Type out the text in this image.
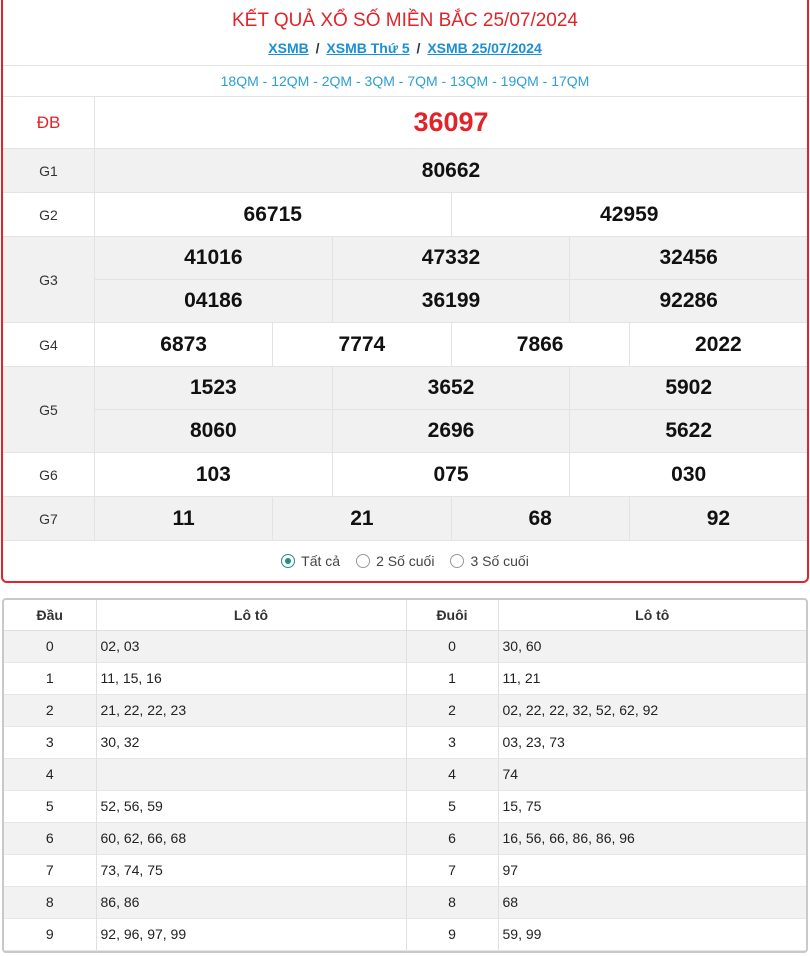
KẾT QUẢ XỔ SỐ MIỀN BẮC 25/07/2024
XSMB / XSMB Thứ 5 / XSMB 25/07/2024
18QM - 12QM - 2QM - 3QM - 7QM - 13QM - 19QM - 17QM
ĐB	36097
G1	80662
G2	66715	42959
G3
41016	47332	32456
04186	36199	92286
G4	6873	7774	7866	2022
G5
1523	3652	5902
8060	2696	5622
G6	103	075	030
G7	11	21	68	92
Tất cả	2 Số cuối	3 Số cuối
Đầu	Lô tô	Đuôi	Lô tô
0	02, 03	0	30, 60
1	11, 15, 16	1	11, 21
2	21, 22, 22, 23	2	02, 22, 22, 32, 52, 62, 92
3	30, 32	3	03, 23, 73
4		4	74
5	52, 56, 59	5	15, 75
6	60, 62, 66, 68	6	16, 56, 66, 86, 86, 96
7	73, 74, 75	7	97
8	86, 86	8	68
9	92, 96, 97, 99	9	59, 99
